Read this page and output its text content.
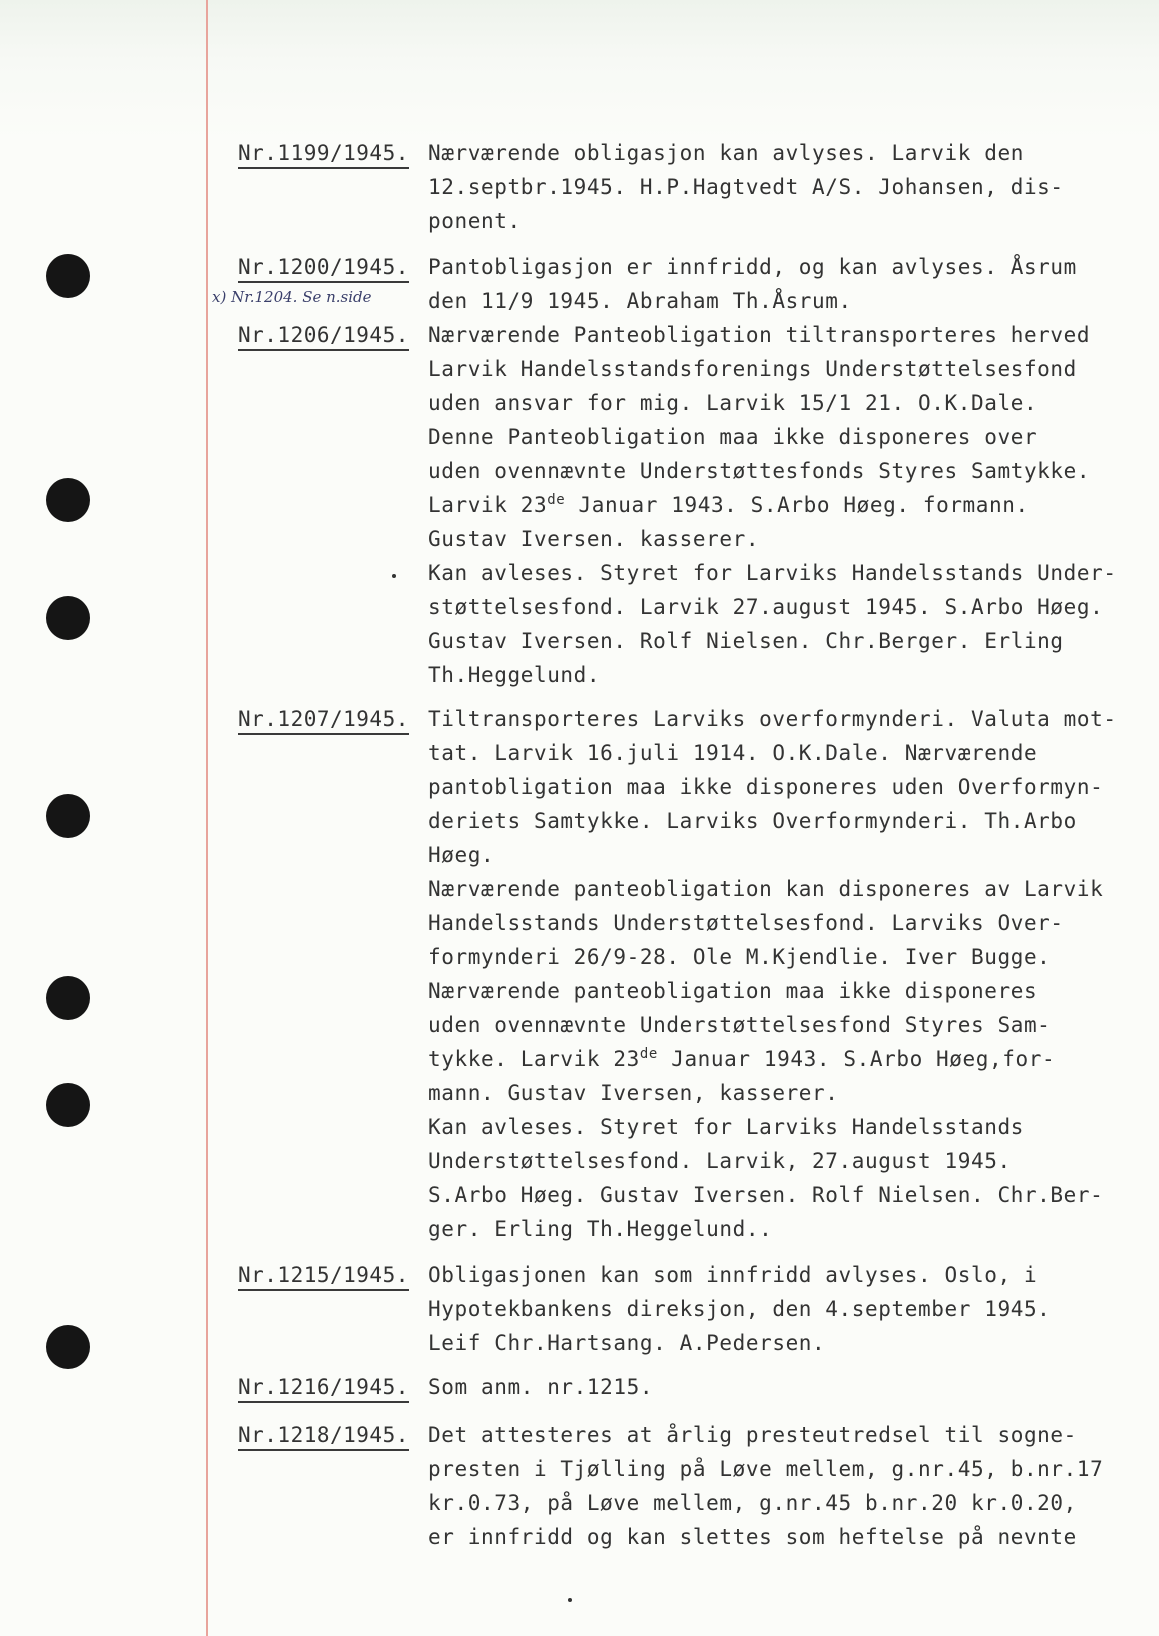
x) Nr.1204. Se n.side
Nr.1199/1945. Nærværende obligasjon kan avlyses. Larvik den
12.septbr.1945. H.P.Hagtvedt A/S. Johansen, dis-
ponent.
Nr.1200/1945. Pantobligasjon er innfridd, og kan avlyses. Åsrum
den 11/9 1945. Abraham Th.Åsrum.
Nr.1206/1945. Nærværende Panteobligation tiltransporteres herved
Larvik Handelsstandsforenings Understøttelsesfond
uden ansvar for mig. Larvik 15/1 21. O.K.Dale.
Denne Panteobligation maa ikke disponeres over
uden ovennævnte Understøttesfonds Styres Samtykke.
Larvik 23de Januar 1943. S.Arbo Høeg. formann.
Gustav Iversen. kasserer.
Kan avleses. Styret for Larviks Handelsstands Under-
støttelsesfond. Larvik 27.august 1945. S.Arbo Høeg.
Gustav Iversen. Rolf Nielsen. Chr.Berger. Erling
Th.Heggelund.
Nr.1207/1945. Tiltransporteres Larviks overformynderi. Valuta mot-
tat. Larvik 16.juli 1914. O.K.Dale. Nærværende
pantobligation maa ikke disponeres uden Overformyn-
deriets Samtykke. Larviks Overformynderi. Th.Arbo
Høeg.
Nærværende panteobligation kan disponeres av Larvik
Handelsstands Understøttelsesfond. Larviks Over-
formynderi 26/9-28. Ole M.Kjendlie. Iver Bugge.
Nærværende panteobligation maa ikke disponeres
uden ovennævnte Understøttelsesfond Styres Sam-
tykke. Larvik 23de Januar 1943. S.Arbo Høeg,for-
mann. Gustav Iversen, kasserer.
Kan avleses. Styret for Larviks Handelsstands
Understøttelsesfond. Larvik, 27.august 1945.
S.Arbo Høeg. Gustav Iversen. Rolf Nielsen. Chr.Ber-
ger. Erling Th.Heggelund..
Nr.1215/1945. Obligasjonen kan som innfridd avlyses. Oslo, i
Hypotekbankens direksjon, den 4.september 1945.
Leif Chr.Hartsang. A.Pedersen.
Nr.1216/1945. Som anm. nr.1215.
Nr.1218/1945. Det attesteres at årlig presteutredsel til sogne-
presten i Tjølling på Løve mellem, g.nr.45, b.nr.17
kr.0.73, på Løve mellem, g.nr.45 b.nr.20 kr.0.20,
er innfridd og kan slettes som heftelse på nevnte
